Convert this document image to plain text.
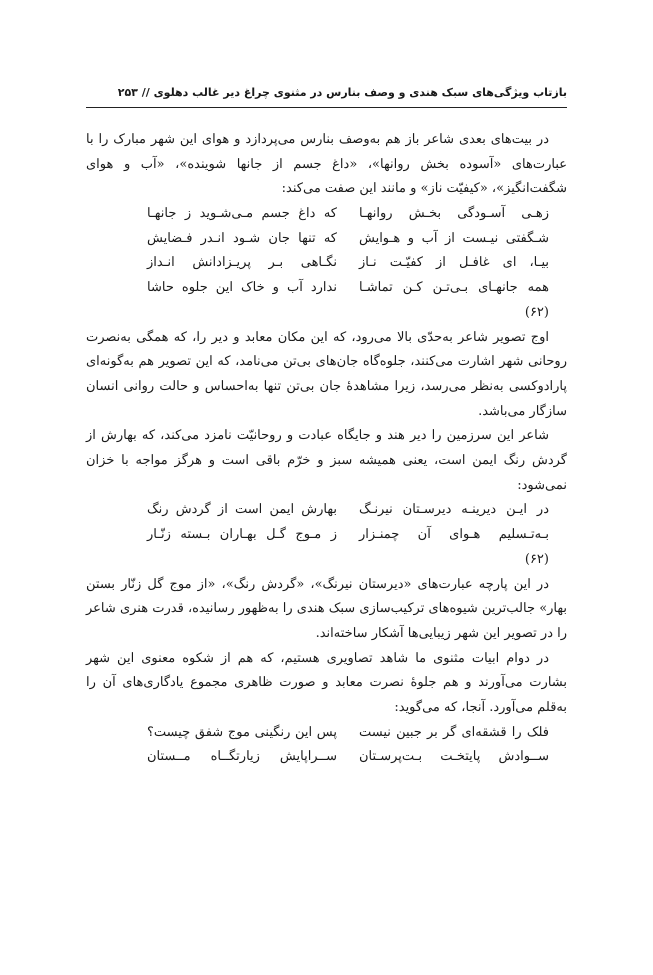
بازتاب ویژگی‌های سبک هندی و وصف بنارس در مثنوی چراغ دیر غالب دهلوی // ۲۵۳

در بیت‌های بعدی شاعر باز هم به‌وصف بنارس می‌پردازد و هوای این شهر مبارک را با عبارت‌های «آسوده بخش روانها»، «داغ جسم از جانها شوینده»، «آب و هوای شگفت‌انگیز»، «کیفیّت ناز» و مانند این صفت می‌کند:

زهـی آسـودگی بخـش روانهـا
که داغ جسم مـی‌شـوید ز جانهـا
شـگفتی نیـست از آب و هـوایش
که تنها جان شـود انـدر فـضایش
بیـا، ای غافـل از کفیّـت نـاز
نگـاهی بـر پریـزادانش انـداز
همه جانهـای بـی‌تـن کـن تماشـا
ندارد آب و خاک این جلوه حاشا
(۶۲)

اوج تصویر شاعر به‌حدّی بالا می‌رود، که این مکان معابد و دیر را، که همگی به‌نصرت روحانی شهر اشارت می‌کنند، جلوه‌گاه جان‌های بی‌تن می‌نامد، که این تصویر هم به‌گونه‌ای پارادوکسی به‌نظر می‌رسد، زیرا مشاهدهٔ جان بی‌تن تنها به‌احساس و حالت روانی انسان سازگار می‌باشد.

شاعر این سرزمین را دیر هند و جایگاه عبادت و روحانیّت نامزد می‌کند، که بهارش از گردش رنگ ایمن است، یعنی همیشه سبز و خرّم باقی است و هرگز مواجه با خزان نمی‌شود:

در ایـن دیرینـه دیرسـتان نیرنـگ
بهارش ایمن است از گردش رنگ
بـه‌تـسلیم هـوای آن چمنـزار
ز مـوج گـل بهـاران بـسته زنّـار
(۶۲)

در این پارچه عبارت‌های «دیرستان نیرنگ»، «گردش رنگ»، «از موج گل زنّار بستن بهار» جالب‌ترین شیوه‌های ترکیب‌سازی سبک هندی را به‌ظهور رسانیده، قدرت هنری شاعر را در تصویر این شهر زیبایی‌ها آشکار ساخته‌اند.

در دوام ابیات مثنوی ما شاهد تصاویری هستیم، که هم از شکوه معنوی این شهر بشارت می‌آورند و هم جلوهٔ نصرت معابد و صورت ظاهری مجموع یادگاری‌های آن را به‌قلم می‌آورد. آنجا، که می‌گوید:

فلک را قشقه‌ای گر بر جبین نیست
پس این رنگینی موج شفق چیست؟
ســوادش پایتخـت بـت‌پرسـتان
ســراپایش زیارتگــاه مــستان
